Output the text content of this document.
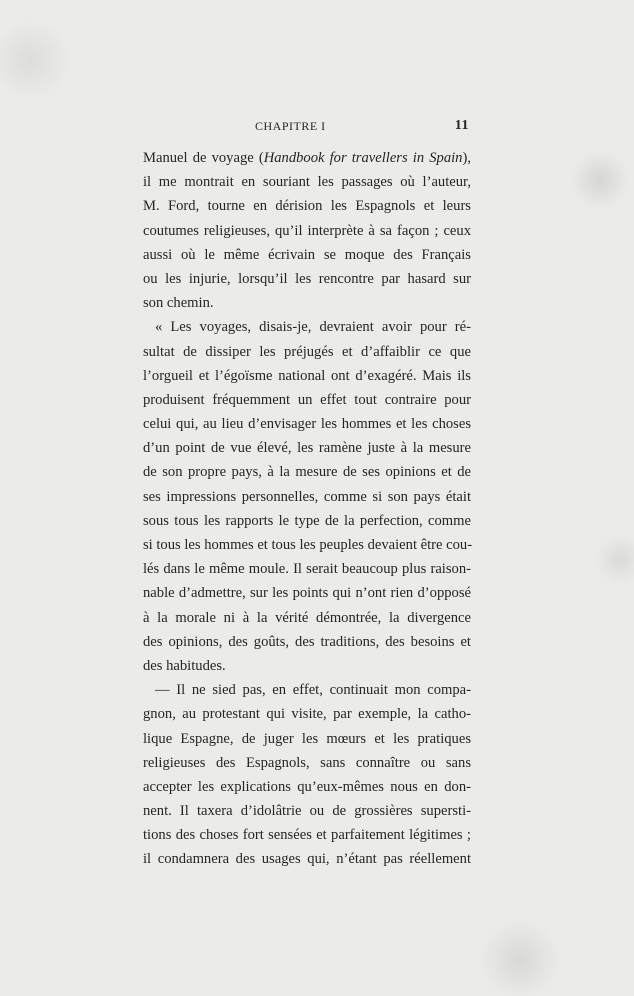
CHAPITRE I	11
Manuel de voyage (Handbook for travellers in Spain),
il me montrait en souriant les passages où l’auteur,
M. Ford, tourne en dérision les Espagnols et leurs
coutumes religieuses, qu’il interprète à sa façon ; ceux
aussi où le même écrivain se moque des Français
ou les injurie, lorsqu’il les rencontre par hasard sur
son chemin.
« Les voyages, disais-je, devraient avoir pour ré-
sultat de dissiper les préjugés et d’affaiblir ce que
l’orgueil et l’égoïsme national ont d’exagéré. Mais ils
produisent fréquemment un effet tout contraire pour
celui qui, au lieu d’envisager les hommes et les choses
d’un point de vue élevé, les ramène juste à la mesure
de son propre pays, à la mesure de ses opinions et de
ses impressions personnelles, comme si son pays était
sous tous les rapports le type de la perfection, comme
si tous les hommes et tous les peuples devaient être cou-
lés dans le même moule. Il serait beaucoup plus raison-
nable d’admettre, sur les points qui n’ont rien d’opposé
à la morale ni à la vérité démontrée, la divergence
des opinions, des goûts, des traditions, des besoins et
des habitudes.
— Il ne sied pas, en effet, continuait mon compa-
gnon, au protestant qui visite, par exemple, la catho-
lique Espagne, de juger les mœurs et les pratiques
religieuses des Espagnols, sans connaître ou sans
accepter les explications qu’eux-mêmes nous en don-
nent. Il taxera d’idolâtrie ou de grossières supersti-
tions des choses fort sensées et parfaitement légitimes ;
il condamnera des usages qui, n’étant pas réellement
